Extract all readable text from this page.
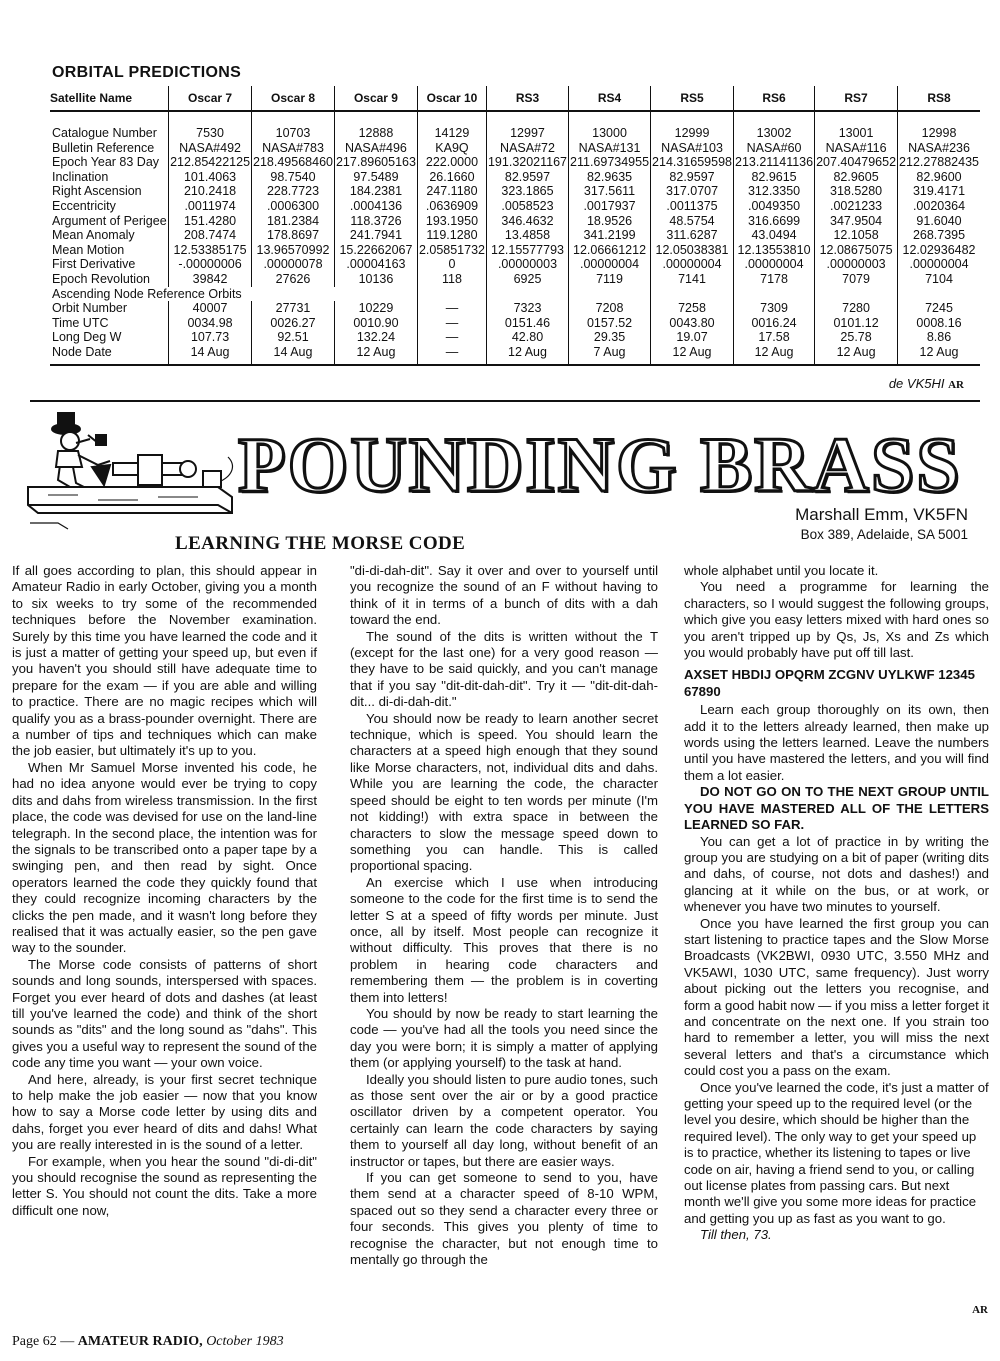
ORBITAL PREDICTIONS
Satellite Name	Oscar 7	Oscar 8	Oscar 9	Oscar 10	RS3	RS4	RS5	RS6	RS7	RS8

Catalogue Number	7530	10703	12888	14129	12997	13000	12999	13002	13001	12998
Bulletin Reference	NASA#492	NASA#783	NASA#496	KA9Q	NASA#72	NASA#131	NASA#103	NASA#60	NASA#116	NASA#236
Epoch Year 83 Day	212.85422125	218.49568460	217.89605163	222.0000	191.32021167	211.69734955	214.31659598	213.21141136	207.40479652	212.27882435
Inclination	101.4063	98.7540	97.5489	26.1660	82.9597	82.9635	82.9597	82.9615	82.9605	82.9600
Right Ascension	210.2418	228.7723	184.2381	247.1180	323.1865	317.5611	317.0707	312.3350	318.5280	319.4171
Eccentricity	.0011974	.0006300	.0004136	.0636909	.0058523	.0017937	.0011375	.0049350	.0021233	.0020364
Argument of Perigee	151.4280	181.2384	118.3726	193.1950	346.4632	18.9526	48.5754	316.6699	347.9504	91.6040
Mean Anomaly	208.7474	178.8697	241.7941	119.1280	13.4858	341.2199	311.6287	43.0494	12.1058	268.7395
Mean Motion	12.53385175	13.96570992	15.22662067	2.05851732	12.15577793	12.06661212	12.05038381	12.13553810	12.08675075	12.02936482
First Derivative	-.00000006	.00000078	.00004163	0	.00000003	.00000004	.00000004	.00000004	.00000003	.00000004
Epoch Revolution	39842	27626	10136	118	6925	7119	7141	7178	7079	7104
Ascending Node Reference Orbits										
Orbit Number	40007	27731	10229	—	7323	7208	7258	7309	7280	7245
Time UTC	0034.98	0026.27	0010.90	—	0151.46	0157.52	0043.80	0016.24	0101.12	0008.16
Long Deg W	107.73	92.51	132.24	—	42.80	29.35	19.07	17.58	25.78	8.86
Node Date	14 Aug	14 Aug	12 Aug	—	12 Aug	7 Aug	12 Aug	12 Aug	12 Aug	12 Aug
de VK5HI AR
POUNDING BRASS
Marshall Emm, VK5FN
Box 389, Adelaide, SA 5001
LEARNING THE MORSE CODE

If all goes according to plan, this should appear in Amateur Radio in early October, giving you a month to six weeks to try some of the recommended techniques before the November examination. Surely by this time you have learned the code and it is just a matter of getting your speed up, but even if you haven't you should still have adequate time to prepare for the exam — if you are able and willing to practice. There are no magic recipes which will qualify you as a brass-pounder overnight. There are a number of tips and techniques which can make the job easier, but ultimately it's up to you.

When Mr Samuel Morse invented his code, he had no idea anyone would ever be trying to copy dits and dahs from wireless transmission. In the first place, the code was devised for use on the land-line telegraph. In the second place, the intention was for the signals to be transcribed onto a paper tape by a swinging pen, and then read by sight. Once operators learned the code they quickly found that they could recognize incoming characters by the clicks the pen made, and it wasn't long before they realised that it was actually easier, so the pen gave way to the sounder.

The Morse code consists of patterns of short sounds and long sounds, interspersed with spaces. Forget you ever heard of dots and dashes (at least till you've learned the code) and think of the short sounds as "dits" and the long sound as "dahs". This gives you a useful way to represent the sound of the code any time you want — your own voice.

And here, already, is your first secret technique to help make the job easier — now that you know how to say a Morse code letter by using dits and dahs, forget you ever heard of dits and dahs! What you are really interested in is the sound of a letter.

For example, when you hear the sound "di-di-dit" you should recognise the sound as representing the letter S. You should not count the dits. Take a more difficult one now,

"di-di-dah-dit". Say it over and over to yourself until you recognize the sound of an F without having to think of it in terms of a bunch of dits with a dah toward the end.

The sound of the dits is written without the T (except for the last one) for a very good reason — they have to be said quickly, and you can't manage that if you say "dit-dit-dah-dit". Try it — "dit-dit-dah-dit... di-di-dah-dit."

You should now be ready to learn another secret technique, which is speed. You should learn the characters at a speed high enough that they sound like Morse characters, not, individual dits and dahs. While you are learning the code, the character speed should be eight to ten words per minute (I'm not kidding!) with extra space in between the characters to slow the message speed down to something you can handle. This is called proportional spacing.

An exercise which I use when introducing someone to the code for the first time is to send the letter S at a speed of fifty words per minute. Just once, all by itself. Most people can recognize it without difficulty. This proves that there is no problem in hearing code characters and remembering them — the problem is in coverting them into letters!

You should by now be ready to start learning the code — you've had all the tools you need since the day you were born; it is simply a matter of applying them (or applying yourself) to the task at hand.

Ideally you should listen to pure audio tones, such as those sent over the air or by a good practice oscillator driven by a competent operator. You certainly can learn the code characters by saying them to yourself all day long, without benefit of an instructor or tapes, but there are easier ways.

If you can get someone to send to you, have them send at a character speed of 8-10 WPM, spaced out so they send a character every three or four seconds. This gives you plenty of time to recognise the character, but not enough time to mentally go through the

whole alphabet until you locate it.

You need a programme for learning the characters, so I would suggest the following groups, which give you easy letters mixed with hard ones so you aren't tripped up by Qs, Js, Xs and Zs which you would probably have put off till last.

AXSET HBDIJ OPQRM ZCGNV UYLKWF 12345 67890

Learn each group thoroughly on its own, then add it to the letters already learned, then make up words using the letters learned. Leave the numbers until you have mastered the letters, and you will find them a lot easier.

DO NOT GO ON TO THE NEXT GROUP UNTIL YOU HAVE MASTERED ALL OF THE LETTERS LEARNED SO FAR.

You can get a lot of practice in by writing the group you are studying on a bit of paper (writing dits and dahs, of course, not dots and dashes!) and glancing at it while on the bus, or at work, or whenever you have two minutes to yourself.

Once you have learned the first group you can start listening to practice tapes and the Slow Morse Broadcasts (VK2BWI, 0930 UTC, 3.550 MHz and VK5AWI, 1030 UTC, same frequency). Just worry about picking out the letters you recognise, and form a good habit now — if you miss a letter forget it and concentrate on the next one. If you strain too hard to remember a letter, you will miss the next several letters and that's a circumstance which could cost you a pass on the exam.

Once you've learned the code, it's just a matter of getting your speed up to the required level (or the level you desire, which should be higher than the required level). The only way to get your speed up is to practice, whether its listening to tapes or live code on air, having a friend send to you, or calling out license plates from passing cars. But next month we'll give you some more ideas for practice and getting you up as fast as you want to go.

Till then, 73.

AR
Page 62 — AMATEUR RADIO, October 1983
